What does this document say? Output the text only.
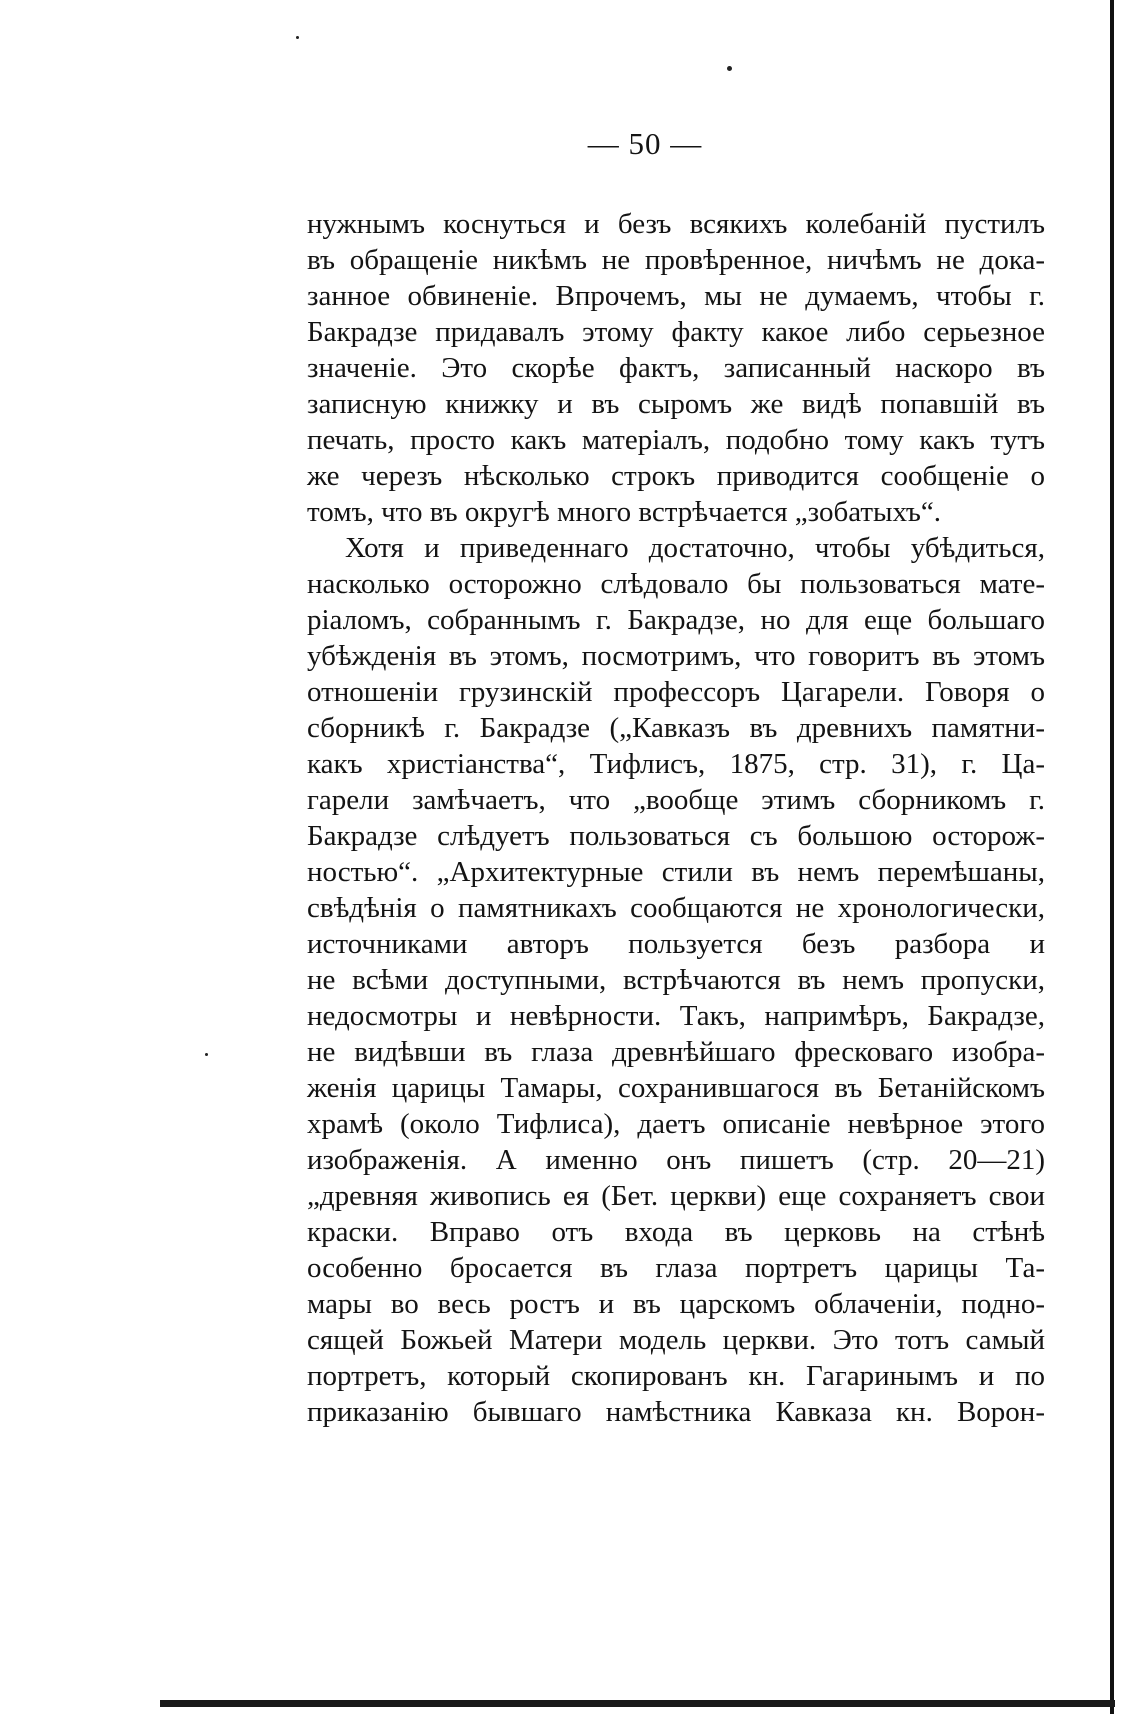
— 50 —
нужнымъ коснуться и безъ всякихъ колебаній пустилъ
въ обращеніе никѣмъ не провѣренное, ничѣмъ не дока-
занное обвиненіе. Впрочемъ, мы не думаемъ, чтобы г.
Бакрадзе придавалъ этому факту какое либо серьезное
значеніе. Это скорѣе фактъ, записанный наскоро въ
записную книжку и въ сыромъ же видѣ попавшій въ
печать, просто какъ матеріалъ, подобно тому какъ тутъ
же черезъ нѣсколько строкъ приводится сообщеніе о
томъ, что въ округѣ много встрѣчается „зобатыхъ“.
Хотя и приведеннаго достаточно, чтобы убѣдиться,
насколько осторожно слѣдовало бы пользоваться мате-
ріаломъ, собраннымъ г. Бакрадзе, но для еще большаго
убѣжденія въ этомъ, посмотримъ, что говоритъ въ этомъ
отношеніи грузинскій профессоръ Цагарели. Говоря о
сборникѣ г. Бакрадзе („Кавказъ въ древнихъ памятни-
какъ христіанства“, Тифлисъ, 1875, стр. 31), г. Ца-
гарели замѣчаетъ, что „вообще этимъ сборникомъ г.
Бакрадзе слѣдуетъ пользоваться съ большою осторож-
ностью“. „Архитектурные стили въ немъ перемѣшаны,
свѣдѣнія о памятникахъ сообщаются не хронологически,
источниками авторъ пользуется безъ разбора и
не всѣми доступными, встрѣчаются въ немъ пропуски,
недосмотры и невѣрности. Такъ, напримѣръ, Бакрадзе,
не видѣвши въ глаза древнѣйшаго фресковаго изобра-
женія царицы Тамары, сохранившагося въ Бетанійскомъ
храмѣ (около Тифлиса), даетъ описаніе невѣрное этого
изображенія. А именно онъ пишетъ (стр. 20—21)
„древняя живопись ея (Бет. церкви) еще сохраняетъ свои
краски. Вправо отъ входа въ церковь на стѣнѣ
особенно бросается въ глаза портретъ царицы Та-
мары во весь ростъ и въ царскомъ облаченіи, подно-
сящей Божьей Матери модель церкви. Это тотъ самый
портретъ, который скопированъ кн. Гагаринымъ и по
приказанію бывшаго намѣстника Кавказа кн. Ворон-
